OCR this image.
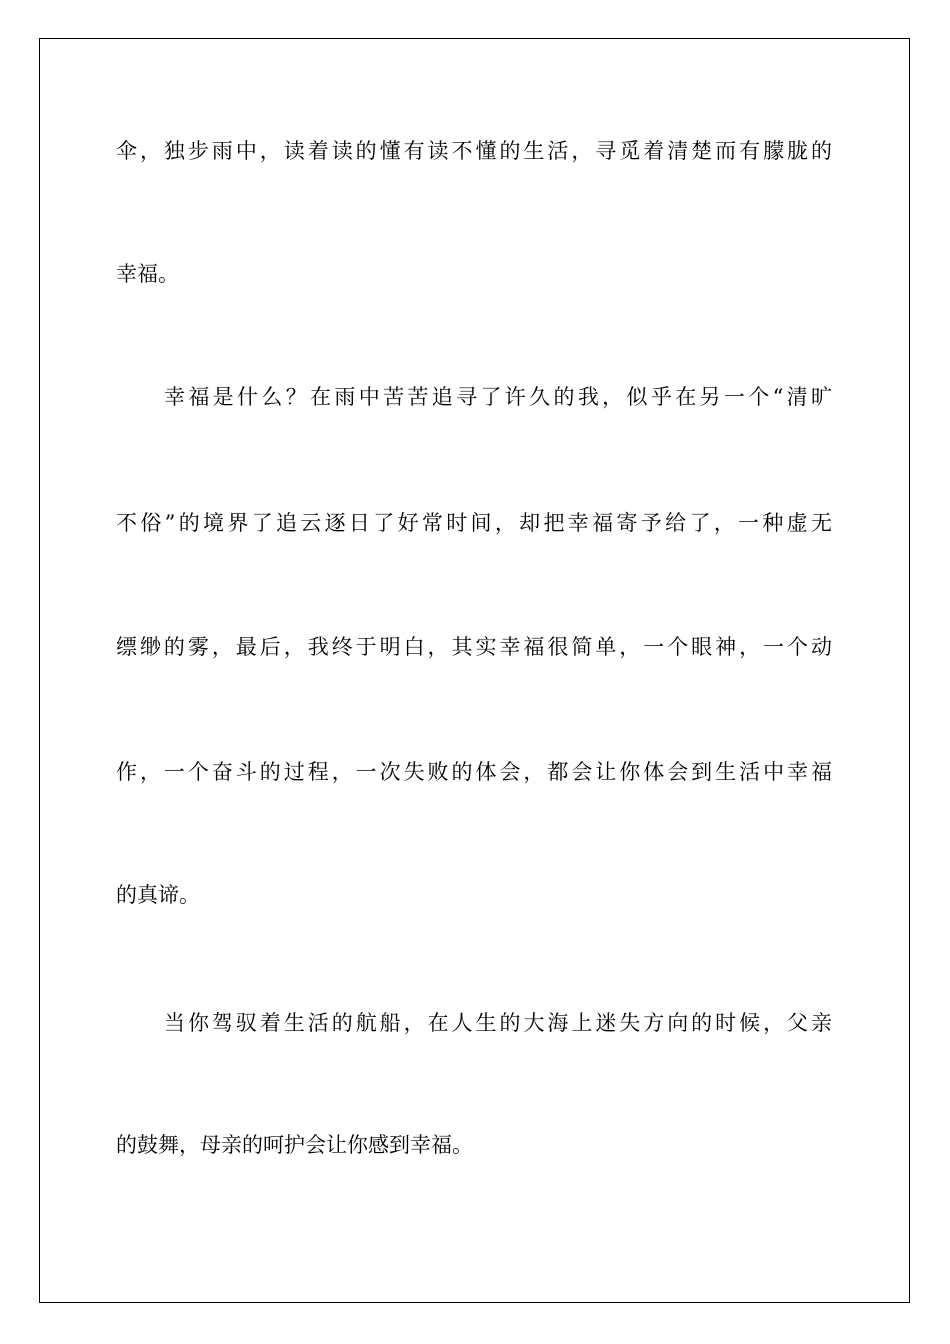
伞，独步雨中，读着读的懂有读不懂的生活，寻觅着清楚而有朦胧的
幸福。
幸福是什么？在雨中苦苦追寻了许久的我，似乎在另一个“清旷
不俗”的境界了追云逐日了好常时间，却把幸福寄予给了，一种虚无
缥缈的雾，最后，我终于明白，其实幸福很简单，一个眼神，一个动
作，一个奋斗的过程，一次失败的体会，都会让你体会到生活中幸福
的真谛。
当你驾驭着生活的航船，在人生的大海上迷失方向的时候，父亲
的鼓舞，母亲的呵护会让你感到幸福。
